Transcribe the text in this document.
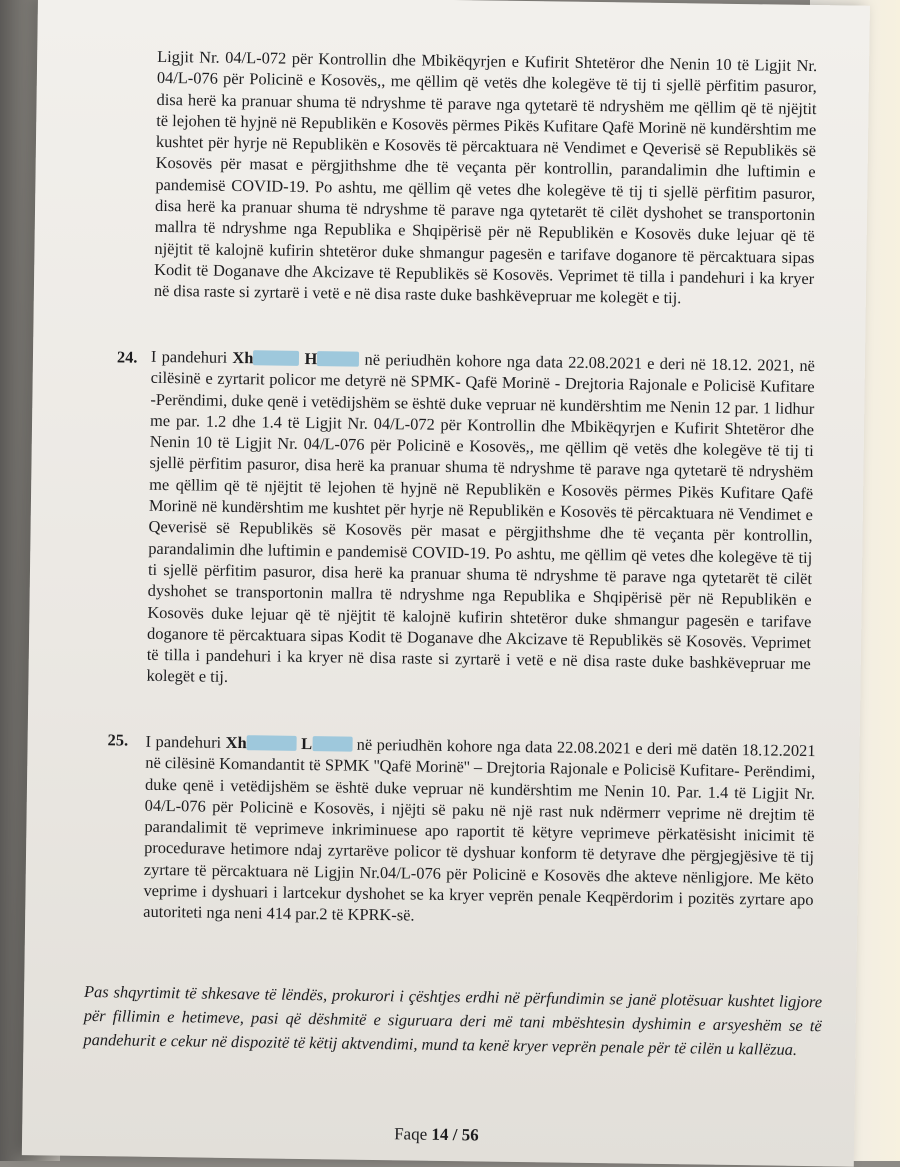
Ligjit Nr. 04/L-072 për Kontrollin dhe Mbikëqyrjen e Kufirit Shtetëror dhe Nenin 10 të Ligjit Nr. 04/L-076 për Policinë e Kosovës,, me qëllim që vetës dhe kolegëve të tij ti sjellë përfitim pasuror, disa herë ka pranuar shuma të ndryshme të parave nga qytetarë të ndryshëm me qëllim që të njëjtit të lejohen të hyjnë në Republikën e Kosovës përmes Pikës Kufitare Qafë Morinë në kundërshtim me kushtet për hyrje në Republikën e Kosovës të përcaktuara në Vendimet e Qeverisë së Republikës së Kosovës për masat e përgjithshme dhe të veçanta për kontrollin, parandalimin dhe luftimin e pandemisë COVID-19. Po ashtu, me qëllim që vetes dhe kolegëve të tij ti sjellë përfitim pasuror, disa herë ka pranuar shuma të ndryshme të parave nga qytetarët të cilët dyshohet se transportonin mallra të ndryshme nga Republika e Shqipërisë për në Republikën e Kosovës duke lejuar që të njëjtit të kalojnë kufirin shtetëror duke shmangur pagesën e tarifave doganore të përcaktuara sipas Kodit të Doganave dhe Akcizave të Republikës së Kosovës. Veprimet të tilla i pandehuri i ka kryer në disa raste si zyrtarë i vetë e në disa raste duke bashkëvepruar me kolegët e tij.

24. I pandehuri Xh	H	në periudhën kohore nga data 22.08.2021 e deri në 18.12. 2021, në cilësinë e zyrtarit policor me detyrë në SPMK- Qafë Morinë - Drejtoria Rajonale e Policisë Kufitare -Perëndimi, duke qenë i vetëdijshëm se është duke vepruar në kundërshtim me Nenin 12 par. 1 lidhur me par. 1.2 dhe 1.4 të Ligjit Nr. 04/L-072 për Kontrollin dhe Mbikëqyrjen e Kufirit Shtetëror dhe Nenin 10 të Ligjit Nr. 04/L-076 për Policinë e Kosovës,, me qëllim që vetës dhe kolegëve të tij ti sjellë përfitim pasuror, disa herë ka pranuar shuma të ndryshme të parave nga qytetarë të ndryshëm me qëllim që të njëjtit të lejohen të hyjnë në Republikën e Kosovës përmes Pikës Kufitare Qafë Morinë në kundërshtim me kushtet për hyrje në Republikën e Kosovës të përcaktuara në Vendimet e Qeverisë së Republikës së Kosovës për masat e përgjithshme dhe të veçanta për kontrollin, parandalimin dhe luftimin e pandemisë COVID-19. Po ashtu, me qëllim që vetes dhe kolegëve të tij ti sjellë përfitim pasuror, disa herë ka pranuar shuma të ndryshme të parave nga qytetarët të cilët dyshohet se transportonin mallra të ndryshme nga Republika e Shqipërisë për në Republikën e Kosovës duke lejuar që të njëjtit të kalojnë kufirin shtetëror duke shmangur pagesën e tarifave doganore të përcaktuara sipas Kodit të Doganave dhe Akcizave të Republikës së Kosovës. Veprimet të tilla i pandehuri i ka kryer në disa raste si zyrtarë i vetë e në disa raste duke bashkëvepruar me kolegët e tij.

25. I pandehuri Xh	L	në periudhën kohore nga data 22.08.2021 e deri më datën 18.12.2021 në cilësinë Komandantit të SPMK ''Qafë Morinë'' – Drejtoria Rajonale e Policisë Kufitare- Perëndimi, duke qenë i vetëdijshëm se është duke vepruar në kundërshtim me Nenin 10. Par. 1.4 të Ligjit Nr. 04/L-076 për Policinë e Kosovës, i njëjti së paku në një rast nuk ndërmerr veprime në drejtim të parandalimit të veprimeve inkriminuese apo raportit të këtyre veprimeve përkatësisht inicimit të procedurave hetimore ndaj zyrtarëve policor të dyshuar konform të detyrave dhe përgjegjësive të tij zyrtare të përcaktuara në Ligjin Nr.04/L-076 për Policinë e Kosovës dhe akteve nënligjore. Me këto veprime i dyshuari i lartcekur dyshohet se ka kryer veprën penale Keqpërdorim i pozitës zyrtare apo autoriteti nga neni 414 par.2 të KPRK-së.

Pas shqyrtimit të shkesave të lëndës, prokurori i çështjes erdhi në përfundimin se janë plotësuar kushtet ligjore për fillimin e hetimeve, pasi që dëshmitë e siguruara deri më tani mbështesin dyshimin e arsyeshëm se të pandehurit e cekur në dispozitë të këtij aktvendimi, mund ta kenë kryer veprën penale për të cilën u kallëzua.

Faqe 14 / 56
